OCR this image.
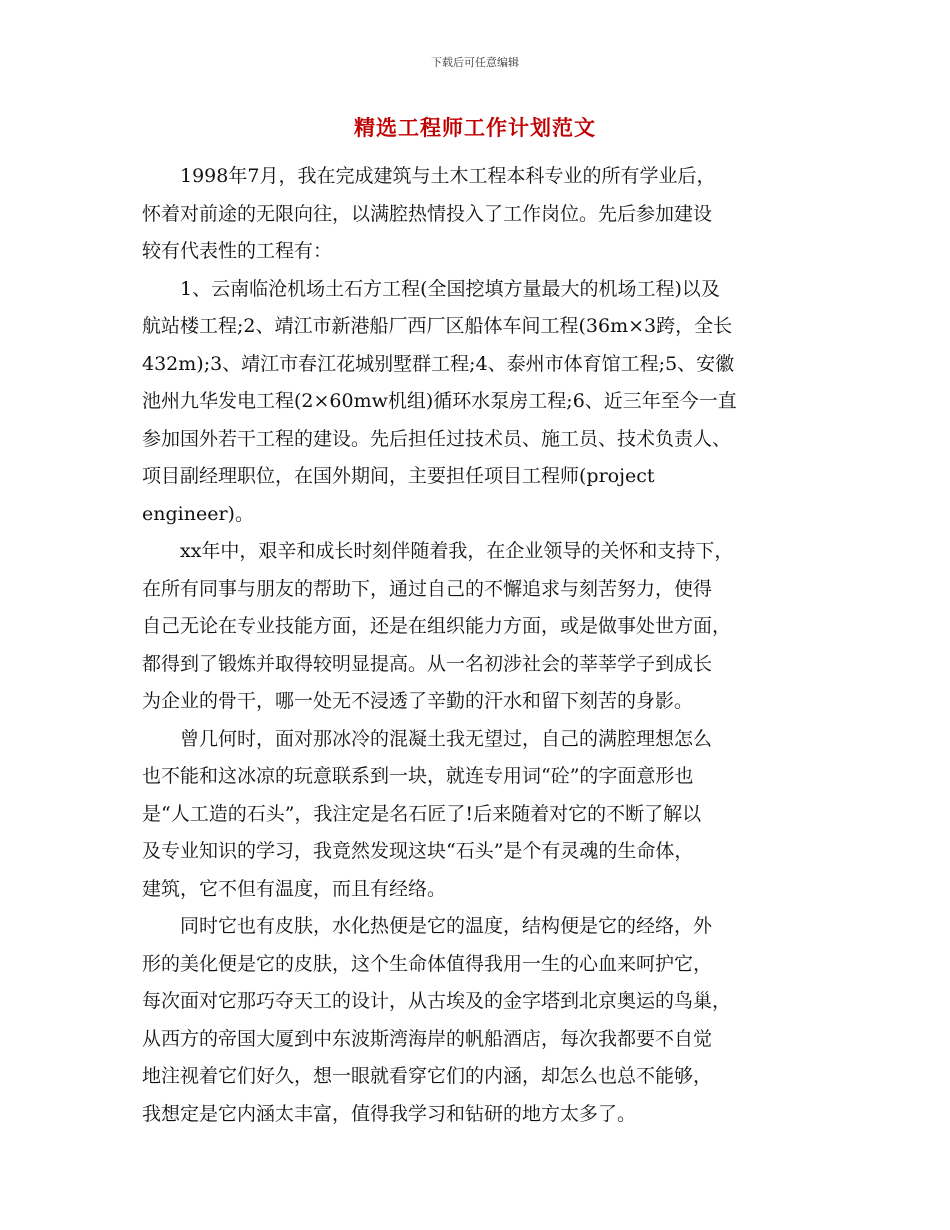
下载后可任意编辑
精选工程师工作计划范文
1998年7月，我在完成建筑与土木工程本科专业的所有学业后，
怀着对前途的无限向往，以满腔热情投入了工作岗位。先后参加建设
较有代表性的工程有：
1、云南临沧机场土石方工程(全国挖填方量最大的机场工程)以及
航站楼工程;2、靖江市新港船厂西厂区船体车间工程(36m×3跨，全长
432m);3、靖江市春江花城别墅群工程;4、泰州市体育馆工程;5、安徽
池州九华发电工程(2×60mw机组)循环水泵房工程;6、近三年至今一直
参加国外若干工程的建设。先后担任过技术员、施工员、技术负责人、
项目副经理职位，在国外期间，主要担任项目工程师(project
engineer)。
xx年中，艰辛和成长时刻伴随着我，在企业领导的关怀和支持下，
在所有同事与朋友的帮助下，通过自己的不懈追求与刻苦努力，使得
自己无论在专业技能方面，还是在组织能力方面，或是做事处世方面，
都得到了锻炼并取得较明显提高。从一名初涉社会的莘莘学子到成长
为企业的骨干，哪一处无不浸透了辛勤的汗水和留下刻苦的身影。
曾几何时，面对那冰冷的混凝土我无望过，自己的满腔理想怎么
也不能和这冰凉的玩意联系到一块，就连专用词“砼”的字面意形也
是“人工造的石头”，我注定是名石匠了!后来随着对它的不断了解以
及专业知识的学习，我竟然发现这块“石头”是个有灵魂的生命体，
建筑，它不但有温度，而且有经络。
同时它也有皮肤，水化热便是它的温度，结构便是它的经络，外
形的美化便是它的皮肤，这个生命体值得我用一生的心血来呵护它，
每次面对它那巧夺天工的设计，从古埃及的金字塔到北京奥运的鸟巢，
从西方的帝国大厦到中东波斯湾海岸的帆船酒店，每次我都要不自觉
地注视着它们好久，想一眼就看穿它们的内涵，却怎么也总不能够，
我想定是它内涵太丰富，值得我学习和钻研的地方太多了。
